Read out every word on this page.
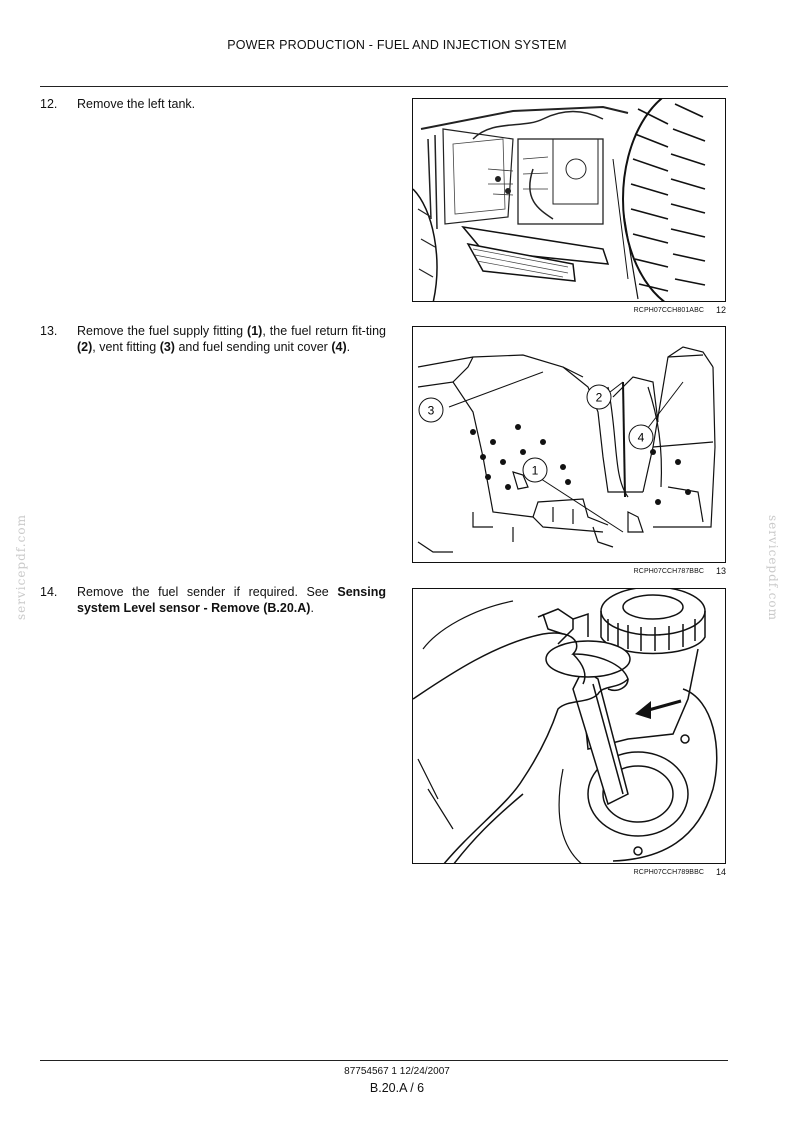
POWER PRODUCTION - FUEL AND INJECTION SYSTEM
12.	Remove the left tank.
13.	Remove the fuel supply fitting (1), the fuel return fit-ting (2), vent fitting (3) and fuel sending unit cover (4).
14.	Remove the fuel sender if required. See Sensing system Level sensor - Remove (B.20.A).
RCPH07CCH801ABC 12
3
2
4
1
RCPH07CCH787BBC 13
RCPH07CCH789BBC 14
servicepdf.com	servicepdf.com
87754567 1 12/24/2007
B.20.A / 6
